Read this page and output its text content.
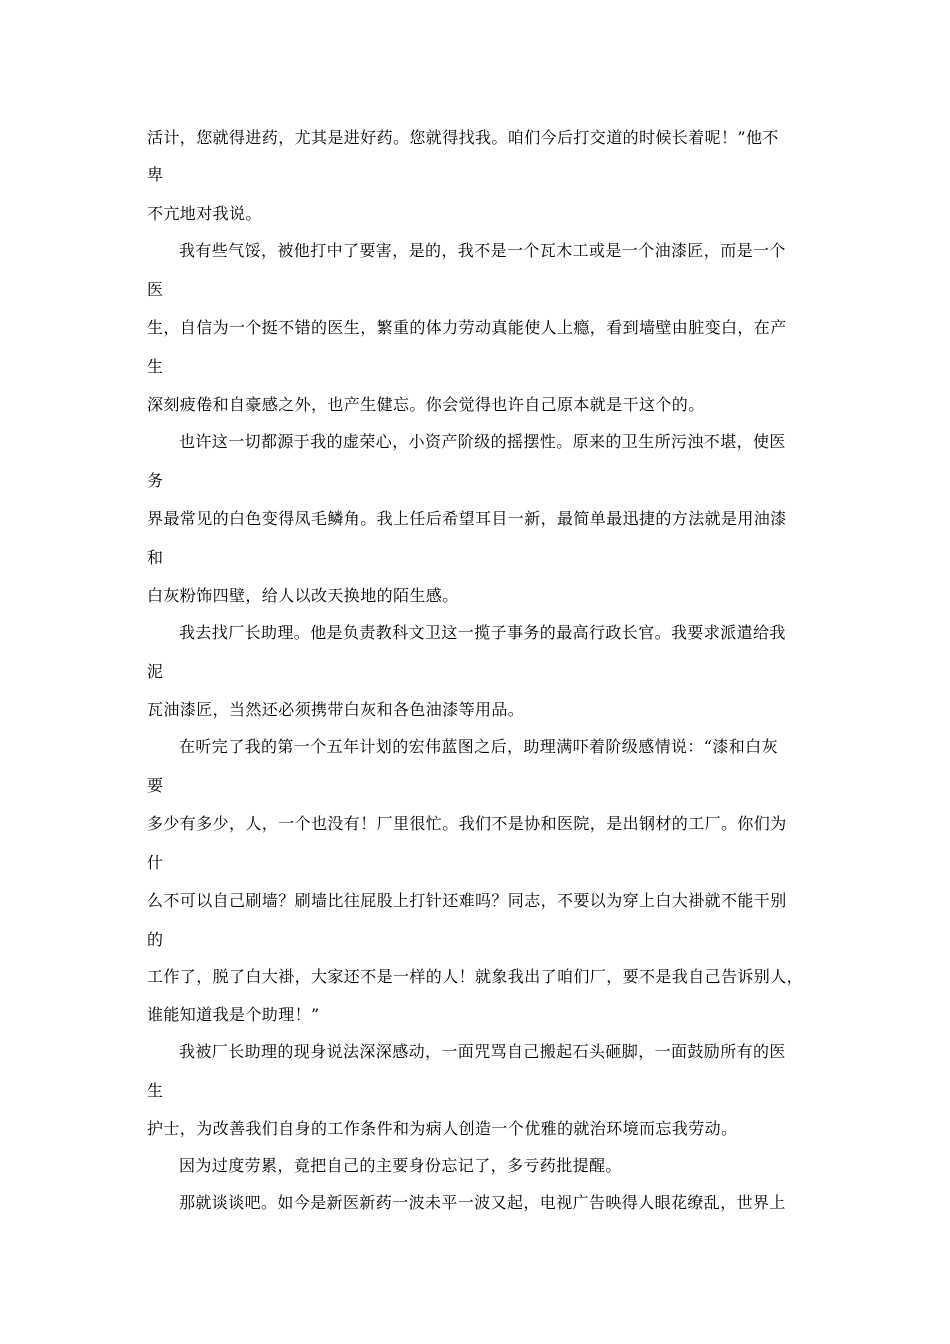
活计，您就得进药，尤其是进好药。您就得找我。咱们今后打交道的时候长着呢！”他不
卑
不亢地对我说。
我有些气馁，被他打中了要害，是的，我不是一个瓦木工或是一个油漆匠，而是一个
医
生，自信为一个挺不错的医生，繁重的体力劳动真能使人上瘾，看到墙壁由脏变白，在产
生
深刻疲倦和自豪感之外，也产生健忘。你会觉得也许自己原本就是干这个的。
也许这一切都源于我的虚荣心，小资产阶级的摇摆性。原来的卫生所污浊不堪，使医
务
界最常见的白色变得凤毛鳞角。我上任后希望耳目一新，最简单最迅捷的方法就是用油漆
和
白灰粉饰四壁，给人以改天换地的陌生感。
我去找厂长助理。他是负责教科文卫这一揽子事务的最高行政长官。我要求派遣给我
泥
瓦油漆匠，当然还必须携带白灰和各色油漆等用品。
在听完了我的第一个五年计划的宏伟蓝图之后，助理满吓着阶级感情说：“漆和白灰
要
多少有多少，人，一个也没有！厂里很忙。我们不是协和医院，是出钢材的工厂。你们为
什
么不可以自己刷墙？刷墙比往屁股上打针还难吗？同志，不要以为穿上白大褂就不能干别
的
工作了，脱了白大褂，大家还不是一样的人！就象我出了咱们厂，要不是我自己告诉别人，
谁能知道我是个助理！”
我被厂长助理的现身说法深深感动，一面咒骂自己搬起石头砸脚，一面鼓励所有的医
生
护士，为改善我们自身的工作条件和为病人创造一个优雅的就治环境而忘我劳动。
因为过度劳累，竟把自己的主要身份忘记了，多亏药批提醒。
那就谈谈吧。如今是新医新药一波未平一波又起，电视广告映得人眼花缭乱，世界上
